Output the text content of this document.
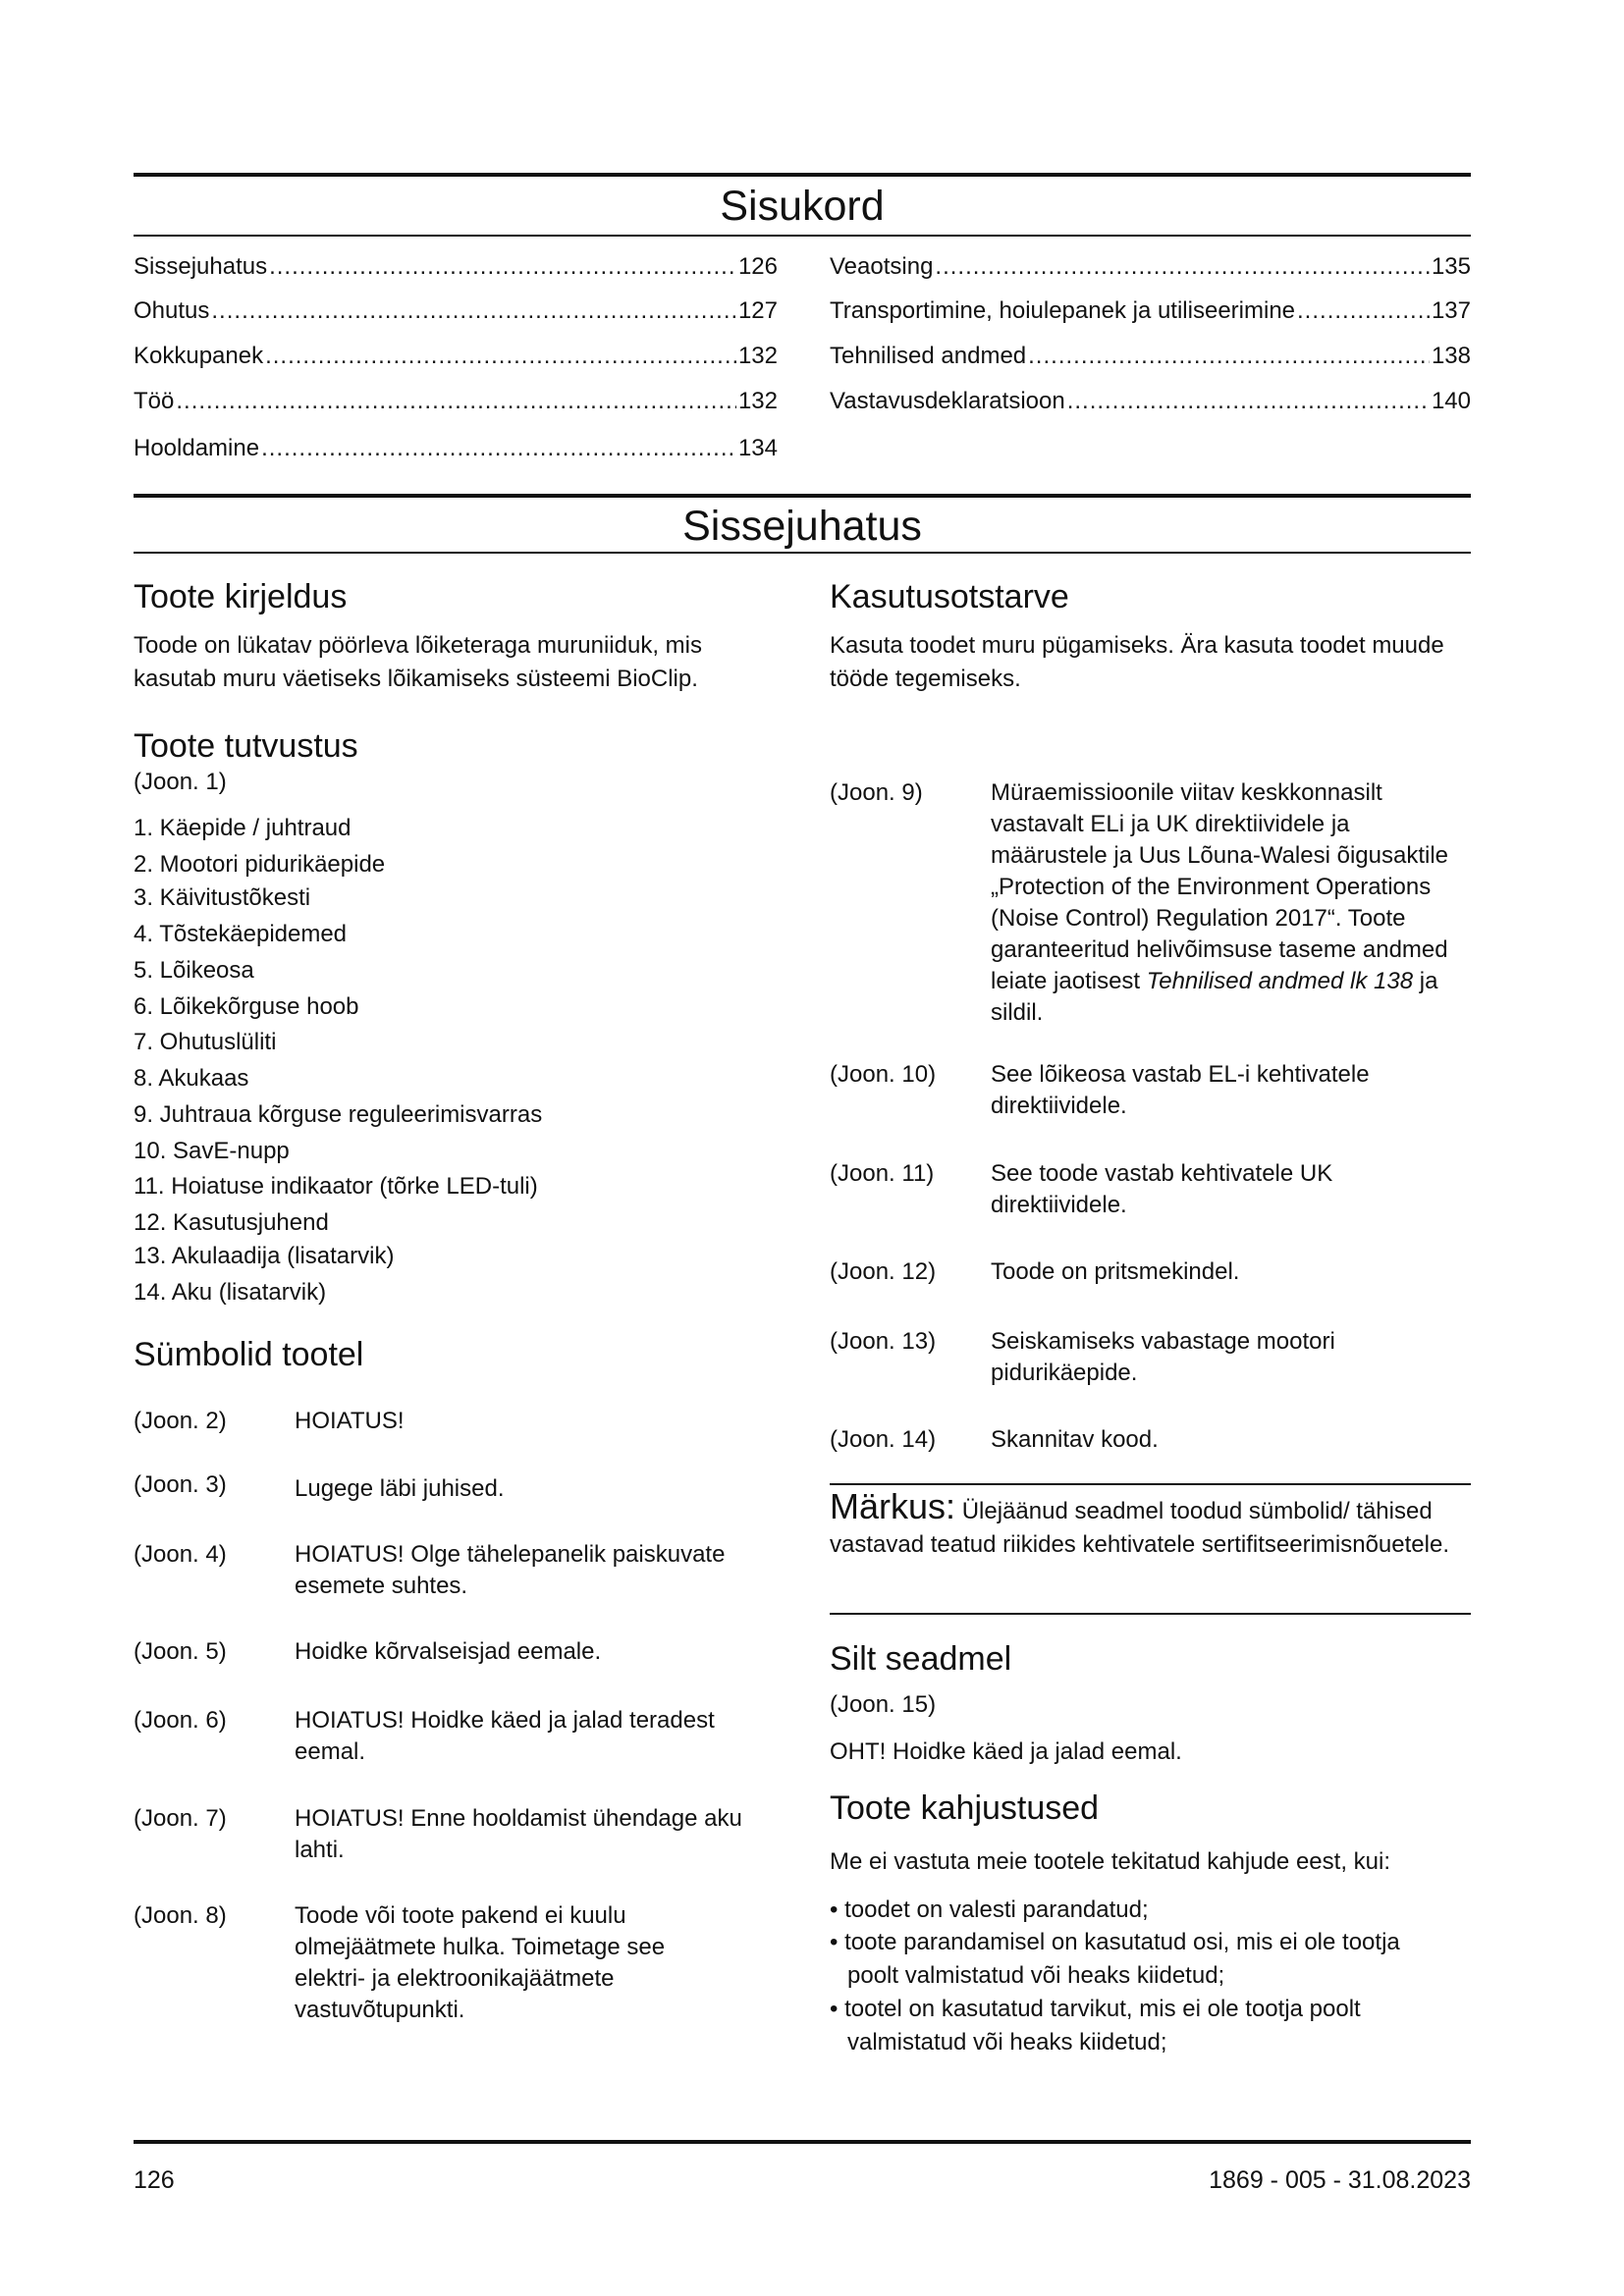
Sisukord
Sissejuhatus .....	126
Ohutus .....	127
Kokkupanek .....	132
Töö .....	132
Hooldamine .....	134
Veaotsing .....	135
Transportimine, hoiulepanek ja utiliseerimine .....	137
Tehnilised andmed .....	138
Vastavusdeklaratsioon .....	140
Sissejuhatus
Toote kirjeldus

Toode on lükatav pöörleva lõiketeraga muruniiduk, mis kasutab muru väetiseks lõikamiseks süsteemi BioClip.

Toote tutvustus
(Joon. 1)
1. Käepide / juhtraud
2. Mootori pidurikäepide
3. Käivitustõkesti
4. Tõstekäepidemed
5. Lõikeosa
6. Lõikekõrguse hoob
7. Ohutuslüliti
8. Akukaas
9. Juhtraua kõrguse reguleerimisvarras
10. SavE-nupp
11. Hoiatuse indikaator (tõrke LED-tuli)
12. Kasutusjuhend
13. Akulaadija (lisatarvik)
14. Aku (lisatarvik)
Sümbolid tootel
(Joon. 2)	HOIATUS!
(Joon. 3)	Lugege läbi juhised.
(Joon. 4)	HOIATUS! Olge tähelepanelik paiskuvate esemete suhtes.
(Joon. 5)	Hoidke kõrvalseisjad eemale.
(Joon. 6)	HOIATUS! Hoidke käed ja jalad teradest eemal.
(Joon. 7)	HOIATUS! Enne hooldamist ühendage aku lahti.
(Joon. 8)	Toode või toote pakend ei kuulu olmejäätmete hulka. Toimetage see elektri- ja elektroonikajäätmete vastuvõtupunkti.
Kasutusotstarve

Kasuta toodet muru pügamiseks. Ära kasuta toodet muude tööde tegemiseks.

(Joon. 9)	Müraemissioonile viitav keskkonnasilt vastavalt ELi ja UK direktiividele ja määrustele ja Uus Lõuna-Walesi õigusaktile „Protection of the Environment Operations (Noise Control) Regulation 2017“. Toote garanteeritud helivõimsuse taseme andmed leiate jaotisest Tehnilised andmed lk 138 ja sildil.
(Joon. 10) See lõikeosa vastab EL-i kehtivatele direktiividele.
(Joon. 11) See toode vastab kehtivatele UK direktiividele.
(Joon. 12) Toode on pritsmekindel.
(Joon. 13) Seiskamiseks vabastage mootori pidurikäepide.
(Joon. 14) Skannitav kood.
Märkus: Ülejäänud seadmel toodud sümbolid/ tähised vastavad teatud riikides kehtivatele sertifitseerimisnõuetele.
Silt seadmel
(Joon. 15)
OHT! Hoidke käed ja jalad eemal.
Toote kahjustused
Me ei vastuta meie tootele tekitatud kahjude eest, kui:
• toodet on valesti parandatud;
• toote parandamisel on kasutatud osi, mis ei ole tootja poolt valmistatud või heaks kiidetud;
• tootel on kasutatud tarvikut, mis ei ole tootja poolt valmistatud või heaks kiidetud;
126	1869 - 005 - 31.08.2023
